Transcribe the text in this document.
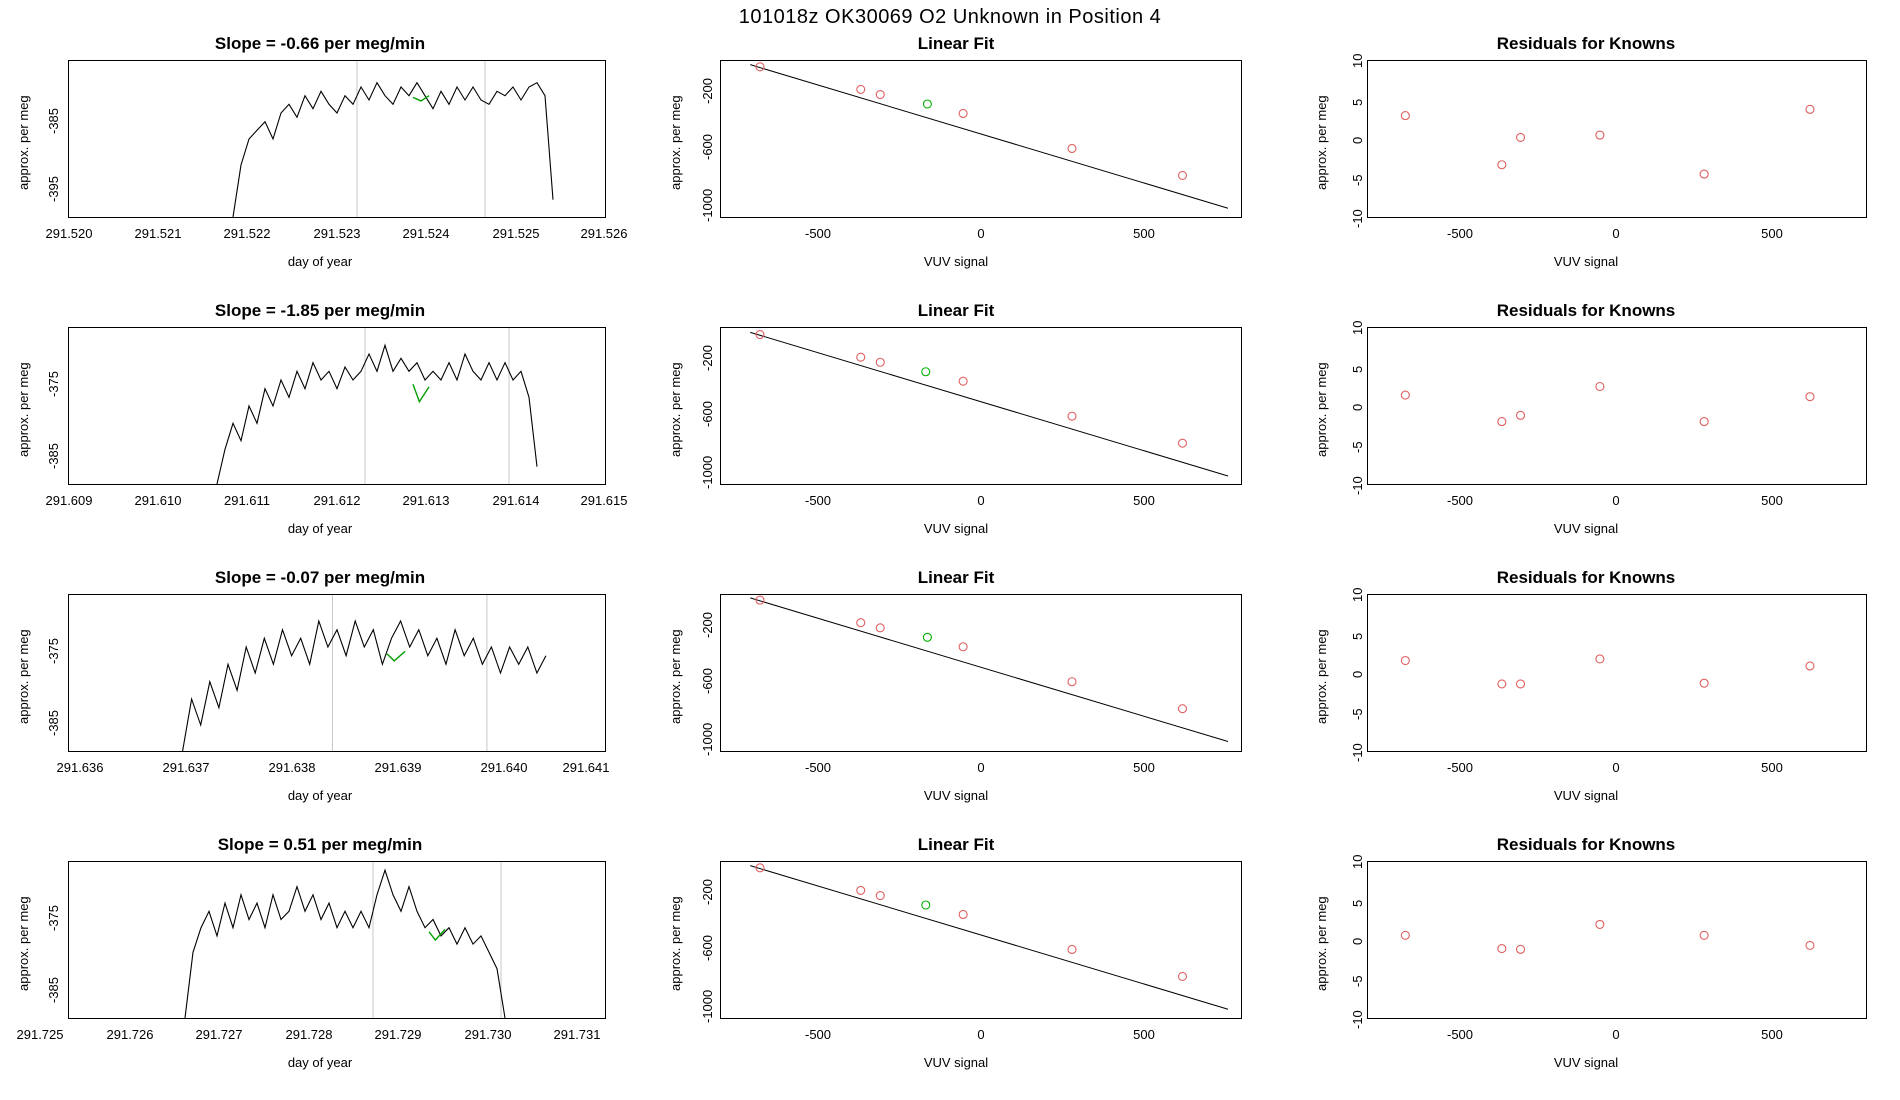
101018z OK30069 O2 Unknown in Position 4
Slope = -0.66 per meg/min
approx. per meg
day of year
-385
-395
291.520	291.521	291.522	291.523	291.524	291.525	291.526
Linear Fit
approx. per meg
VUV signal
-200
-600
-1000
-500	0	500
Residuals for Knowns
approx. per meg
VUV signal
10
5
0
-5
-10
-500	0	500
Slope = -1.85 per meg/min
approx. per meg
day of year
-375
-385
291.609	291.610	291.611	291.612	291.613	291.614	291.615
Linear Fit
approx. per meg
VUV signal
-200
-600
-1000
-500	0	500
Residuals for Knowns
approx. per meg
VUV signal
10
5
0
-5
-10
-500	0	500
Slope = -0.07 per meg/min
approx. per meg
day of year
-375
-385
291.636	291.637	291.638	291.639	291.640	291.641
Linear Fit
approx. per meg
VUV signal
-200
-600
-1000
-500	0	500
Residuals for Knowns
approx. per meg
VUV signal
10
5
0
-5
-10
-500	0	500
Slope = 0.51 per meg/min
approx. per meg
day of year
-375
-385
291.725	291.726	291.727	291.728	291.729	291.730	291.731
Linear Fit
approx. per meg
VUV signal
-200
-600
-1000
-500	0	500
Residuals for Knowns
approx. per meg
VUV signal
10
5
0
-5
-10
-500	0	500
